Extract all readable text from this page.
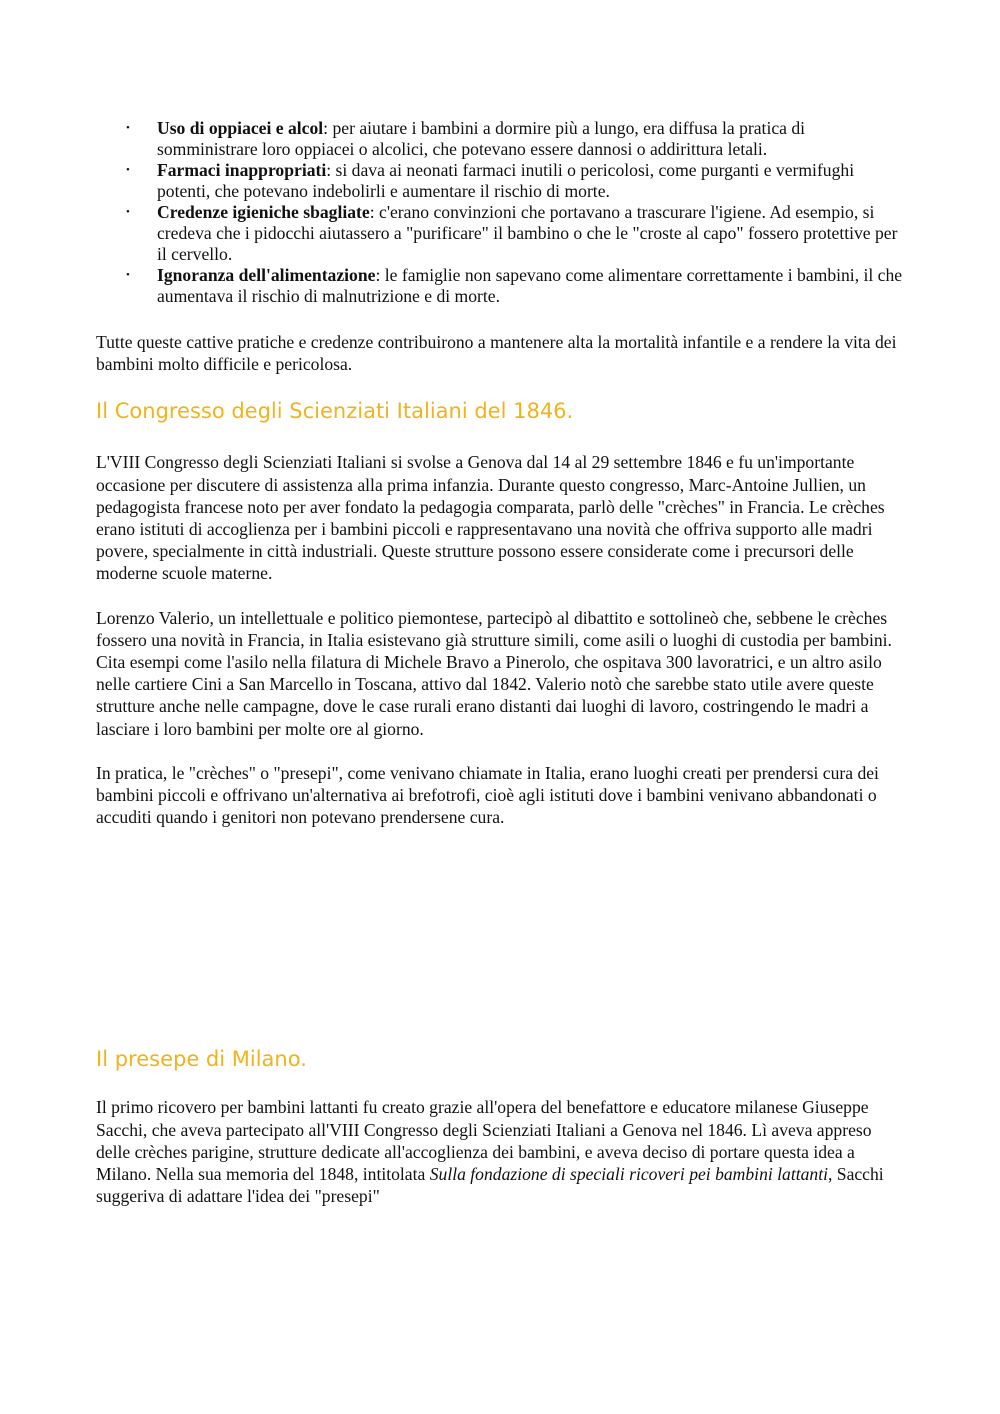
• Uso di oppiacei e alcol: per aiutare i bambini a dormire più a lungo, era diffusa la pratica di somministrare loro oppiacei o alcolici, che potevano essere dannosi o addirittura letali.
• Farmaci inappropriati: si dava ai neonati farmaci inutili o pericolosi, come purganti e vermifughi potenti, che potevano indebolirli e aumentare il rischio di morte.
• Credenze igieniche sbagliate: c'erano convinzioni che portavano a trascurare l'igiene. Ad esempio, si credeva che i pidocchi aiutassero a "purificare" il bambino o che le "croste al capo" fossero protettive per il cervello.
• Ignoranza dell'alimentazione: le famiglie non sapevano come alimentare correttamente i bambini, il che aumentava il rischio di malnutrizione e di morte.

Tutte queste cattive pratiche e credenze contribuirono a mantenere alta la mortalità infantile e a rendere la vita dei bambini molto difficile e pericolosa.

Il Congresso degli Scienziati Italiani del 1846.

L'VIII Congresso degli Scienziati Italiani si svolse a Genova dal 14 al 29 settembre 1846 e fu un'importante occasione per discutere di assistenza alla prima infanzia. Durante questo congresso, Marc-Antoine Jullien, un pedagogista francese noto per aver fondato la pedagogia comparata, parlò delle "crèches" in Francia. Le crèches erano istituti di accoglienza per i bambini piccoli e rappresentavano una novità che offriva supporto alle madri povere, specialmente in città industriali. Queste strutture possono essere considerate come i precursori delle moderne scuole materne.

Lorenzo Valerio, un intellettuale e politico piemontese, partecipò al dibattito e sottolineò che, sebbene le crèches fossero una novità in Francia, in Italia esistevano già strutture simili, come asili o luoghi di custodia per bambini. Cita esempi come l'asilo nella filatura di Michele Bravo a Pinerolo, che ospitava 300 lavoratrici, e un altro asilo nelle cartiere Cini a San Marcello in Toscana, attivo dal 1842. Valerio notò che sarebbe stato utile avere queste strutture anche nelle campagne, dove le case rurali erano distanti dai luoghi di lavoro, costringendo le madri a lasciare i loro bambini per molte ore al giorno.

In pratica, le "crèches" o "presepi", come venivano chiamate in Italia, erano luoghi creati per prendersi cura dei bambini piccoli e offrivano un'alternativa ai brefotrofi, cioè agli istituti dove i bambini venivano abbandonati o accuditi quando i genitori non potevano prendersene cura.

Il presepe di Milano.

Il primo ricovero per bambini lattanti fu creato grazie all'opera del benefattore e educatore milanese Giuseppe Sacchi, che aveva partecipato all'VIII Congresso degli Scienziati Italiani a Genova nel 1846. Lì aveva appreso delle crèches parigine, strutture dedicate all'accoglienza dei bambini, e aveva deciso di portare questa idea a Milano. Nella sua memoria del 1848, intitolata Sulla fondazione di speciali ricoveri pei bambini lattanti, Sacchi suggeriva di adattare l'idea dei "presepi"
